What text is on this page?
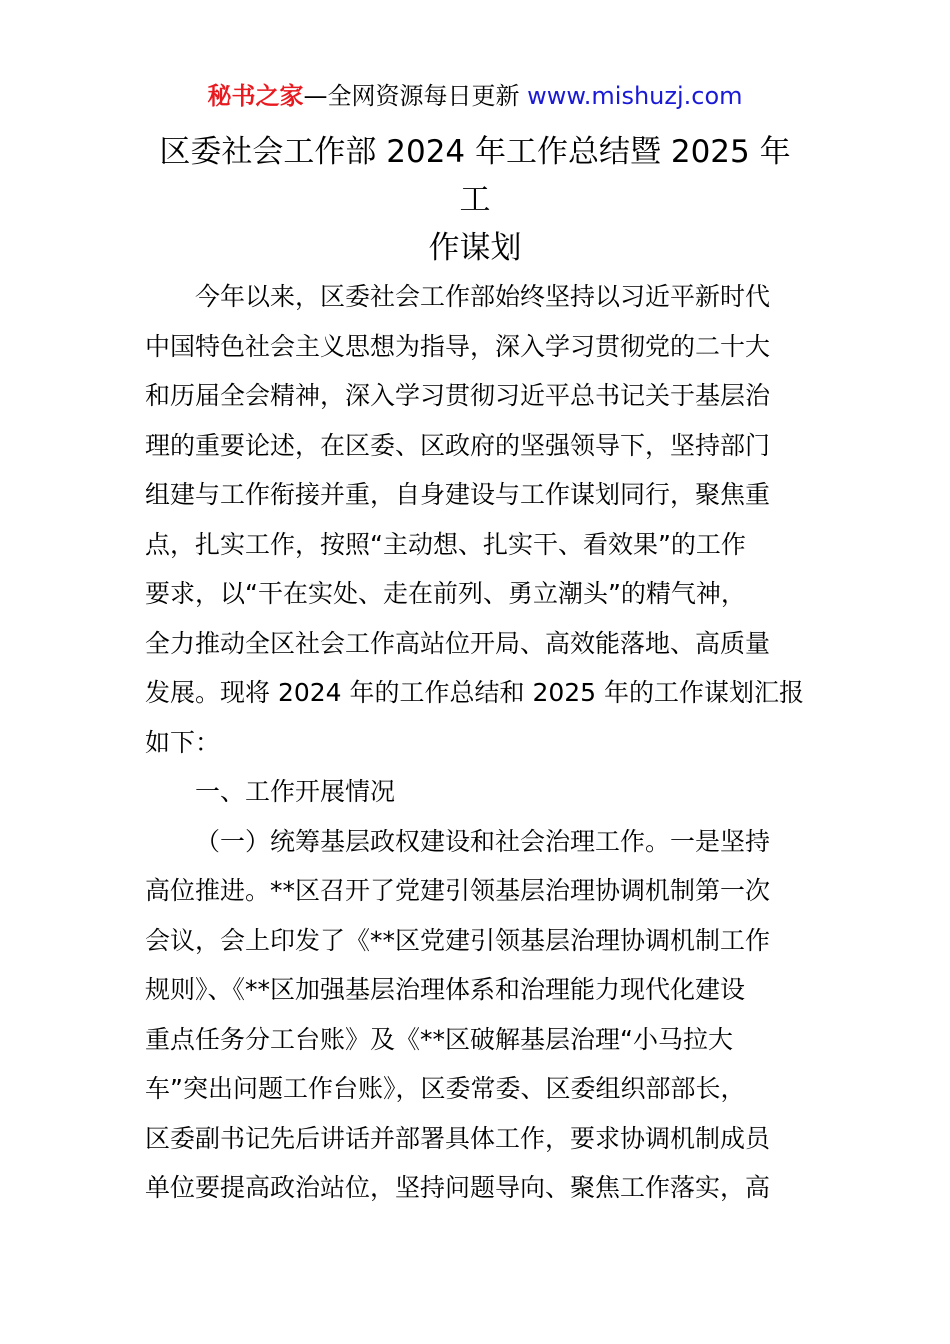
秘书之家—全网资源每日更新 www.mishuzj.com
区委社会工作部 2024 年工作总结暨 2025 年工
作谋划
今年以来，区委社会工作部始终坚持以习近平新时代
中国特色社会主义思想为指导，深入学习贯彻党的二十大
和历届全会精神，深入学习贯彻习近平总书记关于基层治
理的重要论述，在区委、区政府的坚强领导下，坚持部门
组建与工作衔接并重，自身建设与工作谋划同行，聚焦重
点，扎实工作，按照“主动想、扎实干、看效果”的工作
要求，以“干在实处、走在前列、勇立潮头”的精气神，
全力推动全区社会工作高站位开局、高效能落地、高质量
发展。现将 2024 年的工作总结和 2025 年的工作谋划汇报
如下：
一、工作开展情况
（一）统筹基层政权建设和社会治理工作。一是坚持
高位推进。**区召开了党建引领基层治理协调机制第一次
会议，会上印发了《**区党建引领基层治理协调机制工作
规则》、《**区加强基层治理体系和治理能力现代化建设
重点任务分工台账》及《**区破解基层治理“小马拉大
车”突出问题工作台账》，区委常委、区委组织部部长，
区委副书记先后讲话并部署具体工作，要求协调机制成员
单位要提高政治站位，坚持问题导向、聚焦工作落实，高
